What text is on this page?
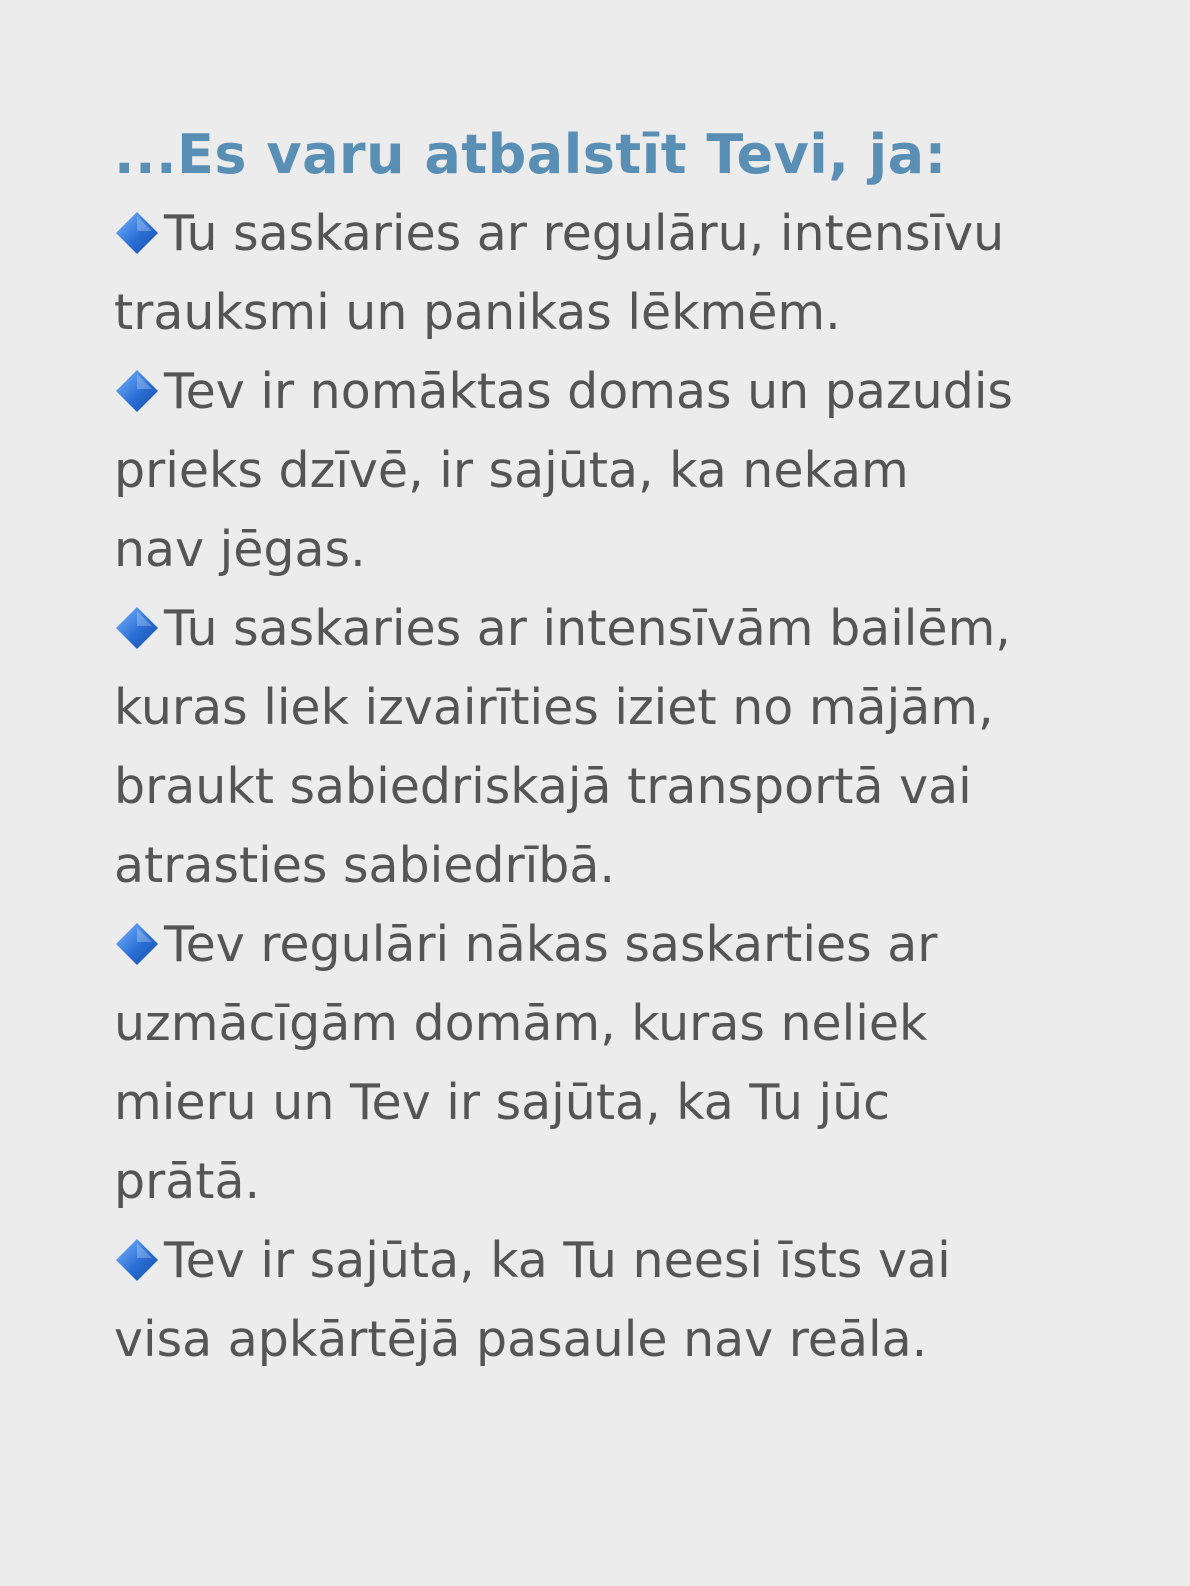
...Es varu atbalstīt Tevi, ja:
Tu saskaries ar regulāru, intensīvu
trauksmi un panikas lēkmēm.
Tev ir nomāktas domas un pazudis
prieks dzīvē, ir sajūta, ka nekam
nav jēgas.
Tu saskaries ar intensīvām bailēm,
kuras liek izvairīties iziet no mājām,
braukt sabiedriskajā transportā vai
atrasties sabiedrībā.
Tev regulāri nākas saskarties ar
uzmācīgām domām, kuras neliek
mieru un Tev ir sajūta, ka Tu jūc
prātā.
Tev ir sajūta, ka Tu neesi īsts vai
visa apkārtējā pasaule nav reāla.
